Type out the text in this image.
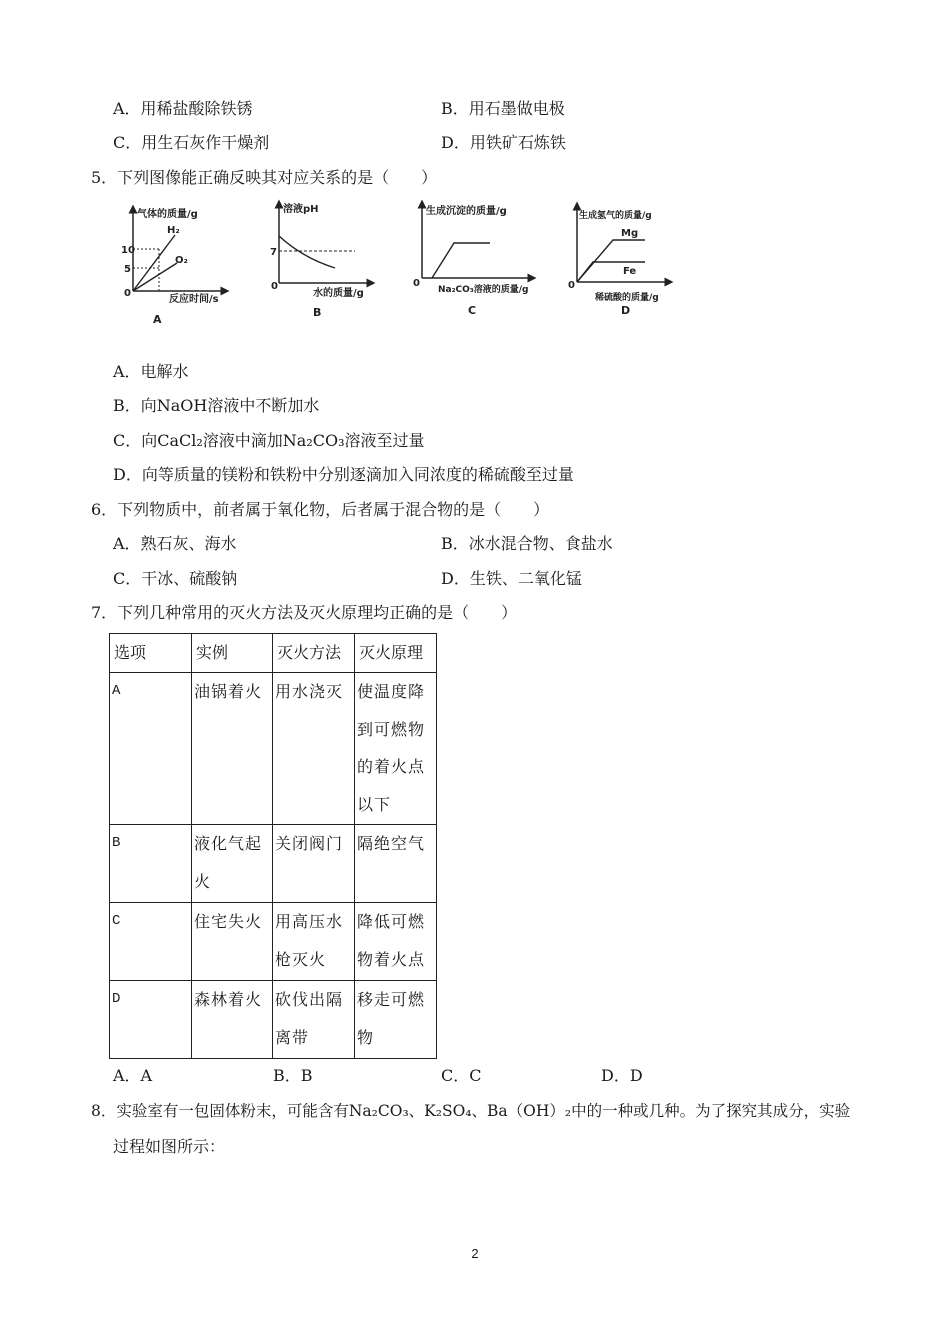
A．用稀盐酸除铁锈	B．用石墨做电极
C．用生石灰作干燥剂	D．用铁矿石炼铁
5．下列图像能正确反映其对应关系的是（　　）
气体的质量/g
10
5
0
H₂
O₂
反应时间/s
A
溶液pH
7
0
水的质量/g
B
生成沉淀的质量/g
0
Na₂CO₃溶液的质量/g
C
生成氢气的质量/g
0
Mg
Fe
稀硫酸的质量/g
D
A．电解水
B．向NaOH溶液中不断加水
C．向CaCl₂溶液中滴加Na₂CO₃溶液至过量
D．向等质量的镁粉和铁粉中分别逐滴加入同浓度的稀硫酸至过量
6．下列物质中，前者属于氧化物，后者属于混合物的是（　　）
A．熟石灰、海水	B．冰水混合物、食盐水
C．干冰、硫酸钠	D．生铁、二氧化锰
7．下列几种常用的灭火方法及灭火原理均正确的是（　　）
选项	实例	灭火方法	灭火原理
A	油锅着火	用水浇灭	使温度降到可燃物的着火点以下

B	液化气起火	关闭阀门	隔绝空气

C	住宅失火	用高压水枪灭火	降低可燃物着火点

D	森林着火	砍伐出隔离带	移走可燃物
A．A	B．B	C．C	D．D
8．实验室有一包固体粉末，可能含有Na₂CO₃、K₂SO₄、Ba（OH）₂中的一种或几种。为了探究其成分，实验
过程如图所示：
2
